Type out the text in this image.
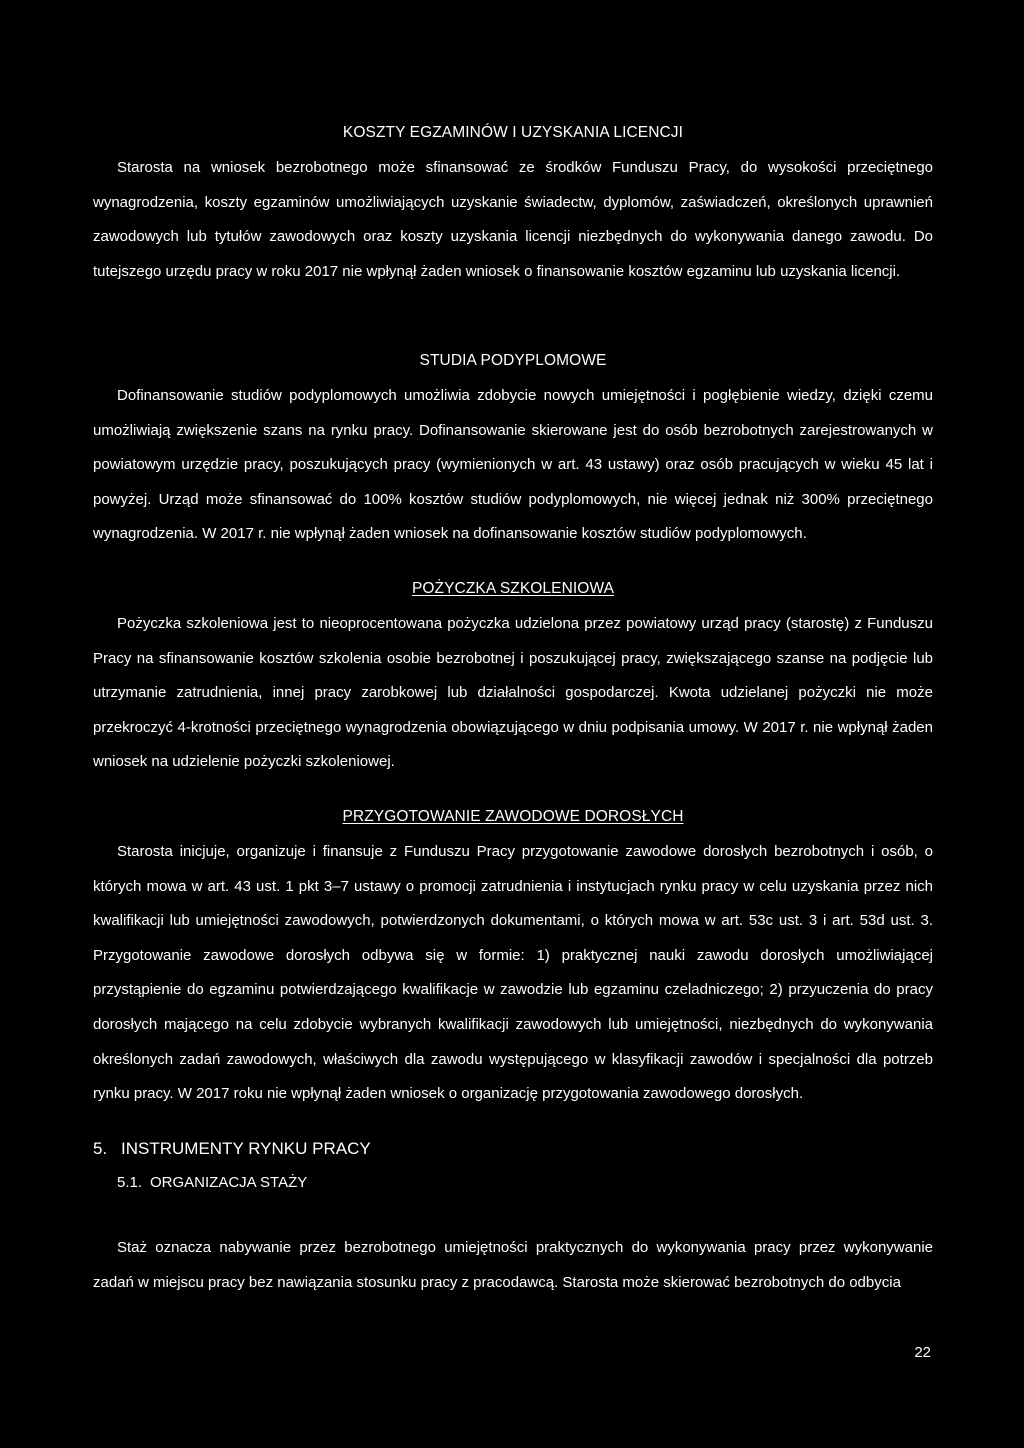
KOSZTY EGZAMINÓW I UZYSKANIA LICENCJI

Starosta na wniosek bezrobotnego może sfinansować ze środków Funduszu Pracy, do wysokości przeciętnego wynagrodzenia, koszty egzaminów umożliwiających uzyskanie świadectw, dyplomów, zaświadczeń, określonych uprawnień zawodowych lub tytułów zawodowych oraz koszty uzyskania licencji niezbędnych do wykonywania danego zawodu. Do tutejszego urzędu pracy w roku 2017 nie wpłynął żaden wniosek o finansowanie kosztów egzaminu lub uzyskania licencji.

STUDIA PODYPLOMOWE

Dofinansowanie studiów podyplomowych umożliwia zdobycie nowych umiejętności i pogłębienie wiedzy, dzięki czemu umożliwiają zwiększenie szans na rynku pracy. Dofinansowanie skierowane jest do osób bezrobotnych zarejestrowanych w powiatowym urzędzie pracy, poszukujących pracy (wymienionych w art. 43 ustawy) oraz osób pracujących w wieku 45 lat i powyżej. Urząd może sfinansować do 100% kosztów studiów podyplomowych, nie więcej jednak niż 300% przeciętnego wynagrodzenia. W 2017 r. nie wpłynął żaden wniosek na dofinansowanie kosztów studiów podyplomowych.

POŻYCZKA SZKOLENIOWA

Pożyczka szkoleniowa jest to nieoprocentowana pożyczka udzielona przez powiatowy urząd pracy (starostę) z Funduszu Pracy na sfinansowanie kosztów szkolenia osobie bezrobotnej i poszukującej pracy, zwiększającego szanse na podjęcie lub utrzymanie zatrudnienia, innej pracy zarobkowej lub działalności gospodarczej. Kwota udzielanej pożyczki nie może przekroczyć 4-krotności przeciętnego wynagrodzenia obowiązującego w dniu podpisania umowy. W 2017 r. nie wpłynął żaden wniosek na udzielenie pożyczki szkoleniowej.

PRZYGOTOWANIE ZAWODOWE DOROSŁYCH

Starosta inicjuje, organizuje i finansuje z Funduszu Pracy przygotowanie zawodowe dorosłych bezrobotnych i osób, o których mowa w art. 43 ust. 1 pkt 3–7 ustawy o promocji zatrudnienia i instytucjach rynku pracy w celu uzyskania przez nich kwalifikacji lub umiejętności zawodowych, potwierdzonych dokumentami, o których mowa w art. 53c ust. 3 i art. 53d ust. 3. Przygotowanie zawodowe dorosłych odbywa się w formie: 1) praktycznej nauki zawodu dorosłych umożliwiającej przystąpienie do egzaminu potwierdzającego kwalifikacje w zawodzie lub egzaminu czeladniczego; 2) przyuczenia do pracy dorosłych mającego na celu zdobycie wybranych kwalifikacji zawodowych lub umiejętności, niezbędnych do wykonywania określonych zadań zawodowych, właściwych dla zawodu występującego w klasyfikacji zawodów i specjalności dla potrzeb rynku pracy. W 2017 roku nie wpłynął żaden wniosek o organizację przygotowania zawodowego dorosłych.

5. INSTRUMENTY RYNKU PRACY
5.1. ORGANIZACJA STAŻY

Staż oznacza nabywanie przez bezrobotnego umiejętności praktycznych do wykonywania pracy przez wykonywanie zadań w miejscu pracy bez nawiązania stosunku pracy z pracodawcą. Starosta może skierować bezrobotnych do odbycia

22
